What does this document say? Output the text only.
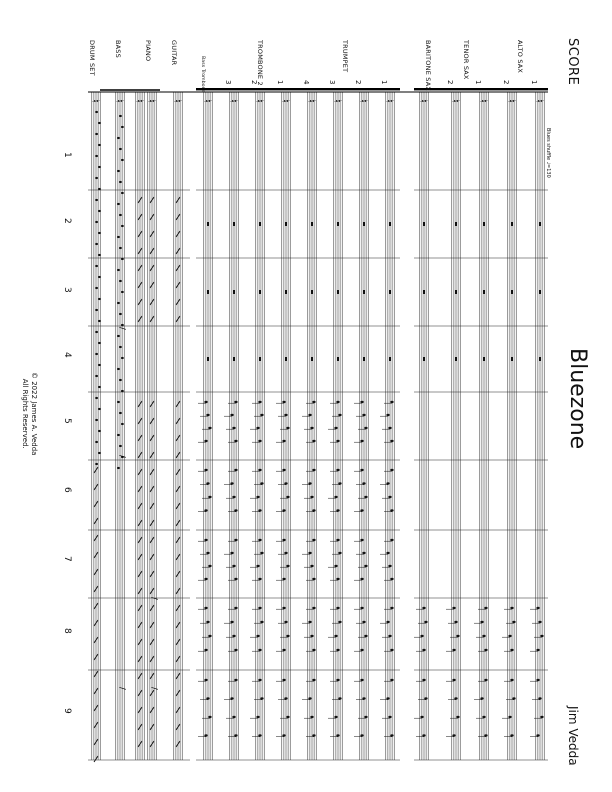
♮
♮
♮
♮
♮
♮
♮
♮
♮
♮
♮
♮
♮
♮
♮
♮
♮
♮
∕
∕
∕
∕
∕
SCORE
Bluezone
Jim Vedda
Blues shuffle ♩=130
ALTO SAX
TENOR SAX
BARITONE SAX
TRUMPET
TROMBONE 2
Bass Trombone
GUITAR
PIANO
BASS
DRUM SET
1
2
1
2
1
2
3
4
1
2
3
1
2
3
4
5
6
7
8
9
© 2022 James A. Vedda
All Rights Reserved.
